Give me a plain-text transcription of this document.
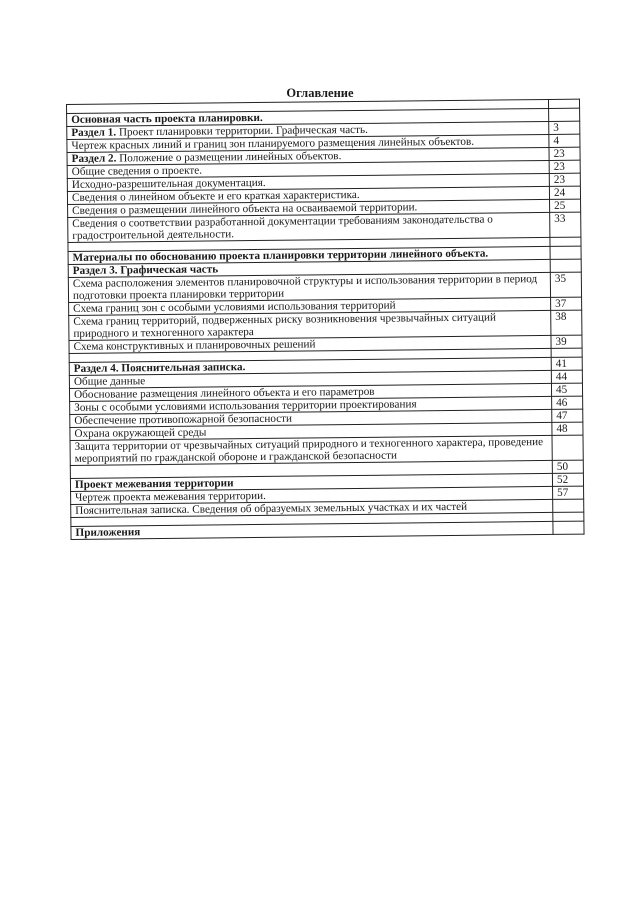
Оглавление

Основная часть проекта планировки.	
Раздел 1. Проект планировки территории. Графическая часть.	3
Чертеж красных линий и границ зон планируемого размещения линейных объектов.	4
Раздел 2. Положение о размещении линейных объектов.	23
Общие сведения о проекте.	23
Исходно-разрешительная документация.	23
Сведения о линейном объекте и его краткая характеристика.	24
Сведения о размещении линейного объекта на осваиваемой территории.	25
Сведения о соответствии разработанной документации требованиям законодательства о градостроительной деятельности.	33

Материалы по обоснованию проекта планировки территории линейного объекта.	
Раздел 3. Графическая часть	
Схема расположения элементов планировочной структуры и использования территории в период подготовки проекта планировки территории	35
Схема границ зон с особыми условиями использования территорий	37
Схема границ территорий, подверженных риску возникновения чрезвычайных ситуаций природного и техногенного характера	38
Схема конструктивных и планировочных решений	39

Раздел 4. Пояснительная записка.	41
Общие данные	44
Обоснование размещения линейного объекта и его параметров	45
Зоны с особыми условиями использования территории проектирования	46
Обеспечение противопожарной безопасности	47
Охрана окружающей среды	48
Защита территории от чрезвычайных ситуаций природного и техногенного характера, проведение мероприятий по гражданской обороне и гражданской безопасности	
	50
Проект межевания территории	52
Чертеж проекта межевания территории.	57
Пояснительная записка. Сведения об образуемых земельных участках и их частей	

Приложения	
